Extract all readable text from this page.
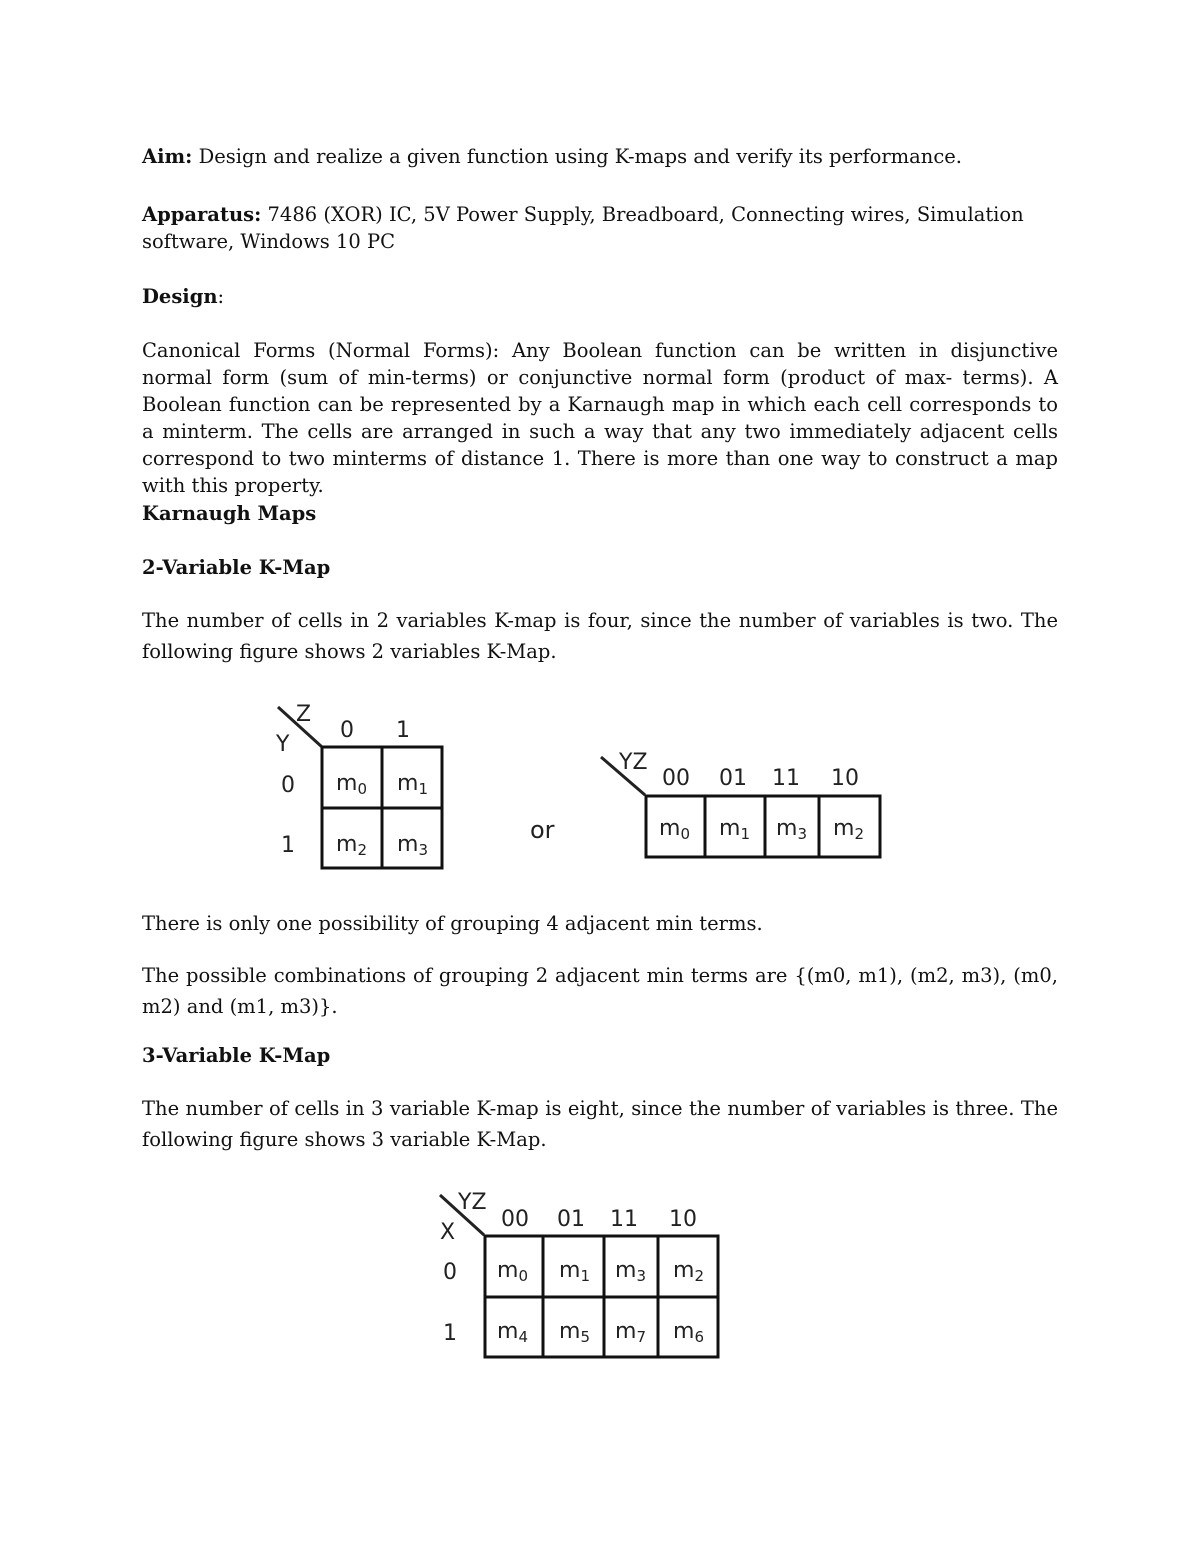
Aim: Design and realize a given function using K-maps and verify its performance.

Apparatus: 7486 (XOR) IC, 5V Power Supply, Breadboard, Connecting wires, Simulation software, Windows 10 PC

Design:

Canonical Forms (Normal Forms): Any Boolean function can be written in disjunctive normal form (sum of min-terms) or conjunctive normal form (product of max- terms). A Boolean function can be represented by a Karnaugh map in which each cell corresponds to a minterm. The cells are arranged in such a way that any two immediately adjacent cells correspond to two minterms of distance 1. There is more than one way to construct a map with this property.

Karnaugh Maps

2-Variable K-Map

The number of cells in 2 variables K-map is four, since the number of variables is two. The following figure shows 2 variables K-Map.

Z
Y
0 1
0
1
m0 m1
m2 m3
or
YZ
00 01 11 10
m0 m1 m3 m2

There is only one possibility of grouping 4 adjacent min terms.

The possible combinations of grouping 2 adjacent min terms are {(m0, m1), (m2, m3), (m0, m2) and (m1, m3)}.

3-Variable K-Map

The number of cells in 3 variable K-map is eight, since the number of variables is three. The following figure shows 3 variable K-Map.

YZ
X
00 01 11 10
0
1
m0 m1 m3 m2
m4 m5 m7 m6
